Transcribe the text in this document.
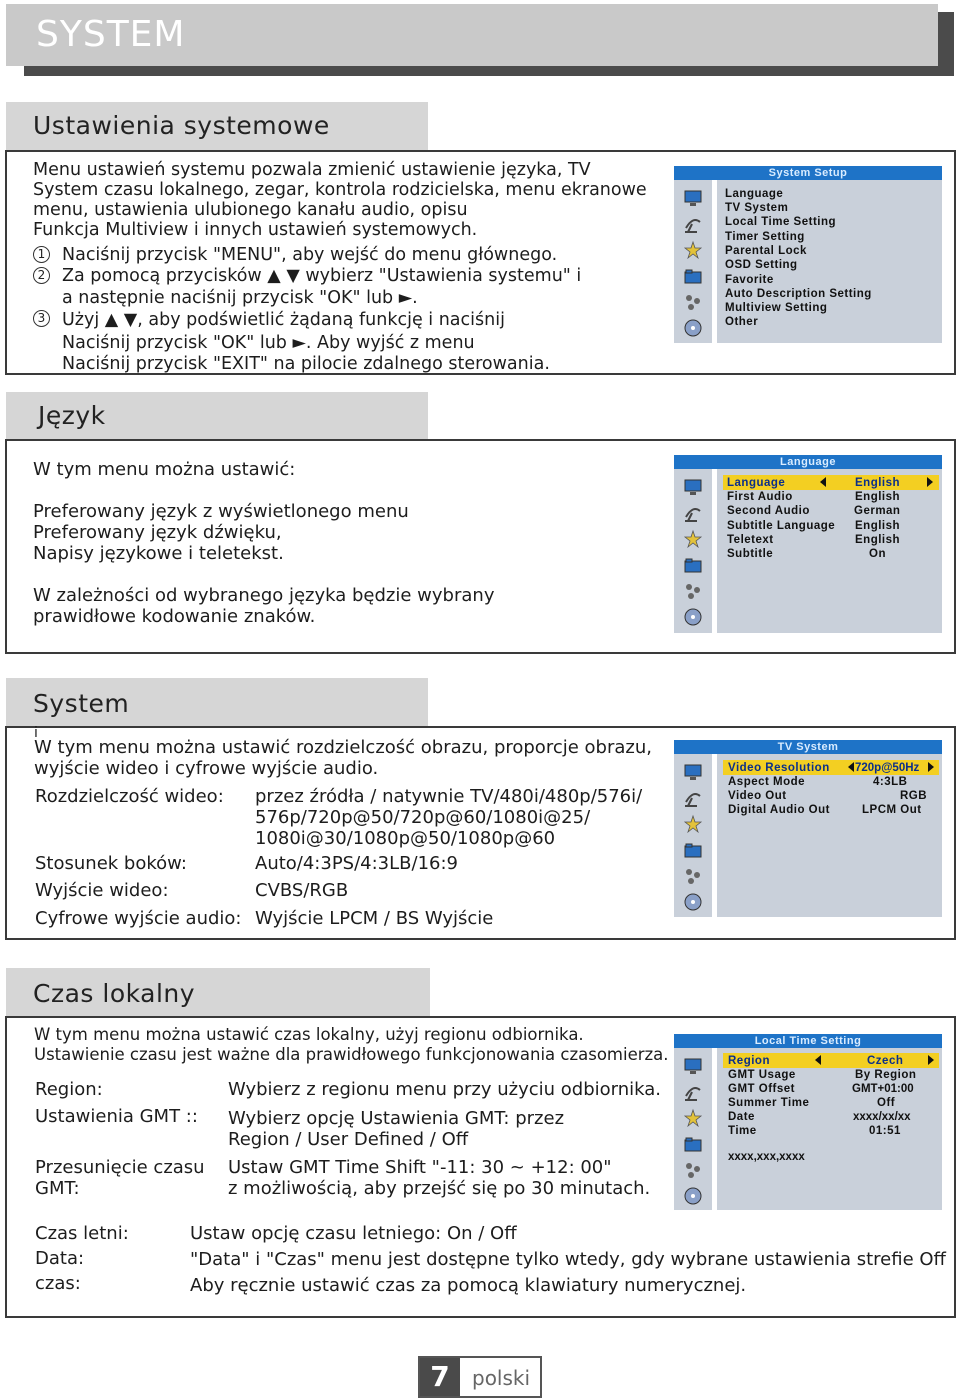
SYSTEM
Ustawienia systemowe
Menu ustawień systemu pozwala zmienić ustawienie języka, TV
System czasu lokalnego, zegar, kontrola rodzicielska, menu ekranowe
menu, ustawienia ulubionego kanału audio, opisu
Funkcja Multiview i innych ustawień systemowych.
1 Naciśnij przycisk "MENU", aby wejść do menu głównego.
2 Za pomocą przycisków ▲ ▼ wybierz "Ustawienia systemu" i
a następnie naciśnij przycisk "OK" lub ►.
3 Użyj ▲ ▼, aby podświetlić żądaną funkcję i naciśnij
Naciśnij przycisk "OK" lub ►. Aby wyjść z menu
Naciśnij przycisk "EXIT" na pilocie zdalnego sterowania.
System Setup
Language
TV System
Local Time Setting
Timer Setting
Parental Lock
OSD Setting
Favorite
Auto Description Setting
Multiview Setting
Other
Język
W tym menu można ustawić:
Preferowany język z wyświetlonego menu
Preferowany język dźwięku,
Napisy językowe i teletekst.
W zależności od wybranego języka będzie wybrany
prawidłowe kodowanie znaków.
Language
Language	English
First Audio	English
Second Audio	German
Subtitle Language English
Teletext	English
Subtitle	On
System
i
W tym menu można ustawić rozdzielczość obrazu, proporcje obrazu,
wyjście wideo i cyfrowe wyjście audio.
Rozdzielczość wideo: przez źródła / natywnie TV/480i/480p/576i/
576p/720p@50/720p@60/1080i@25/
1080i@30/1080p@50/1080p@60
Stosunek boków:	Auto/4:3PS/4:3LB/16:9
Wyjście wideo:	CVBS/RGB
Cyfrowe wyjście audio: Wyjście LPCM / BS Wyjście
TV System
Video Resolution 720p@50Hz
Aspect Mode	4:3LB
Video Out	RGB
Digital Audio Out	LPCM Out
Czas lokalny
W tym menu można ustawić czas lokalny, użyj regionu odbiornika.
Ustawienie czasu jest ważne dla prawidłowego funkcjonowania czasomierza.
Region:	Wybierz z regionu menu przy użyciu odbiornika.
Ustawienia GMT :: Wybierz opcję Ustawienia GMT: przez
Region / User Defined / Off
Przesunięcie czasu
GMT:
Ustaw GMT Time Shift "-11: 30 ~ +12: 00"
z możliwością, aby przejść się po 30 minutach.
Czas letni:	Ustaw opcję czasu letniego: On / Off
Data:	"Data" i "Czas" menu jest dostępne tylko wtedy, gdy wybrane ustawienia strefie Off
czas:	Aby ręcznie ustawić czas za pomocą klawiatury numerycznej.
Local Time Setting
Region	Czech
GMT Usage	By Region
GMT Offset	GMT+01:00
Summer Time	Off
Date	xxxx/xx/xx
Time	01:51
xxxx,xxx,xxxx
7	polski
